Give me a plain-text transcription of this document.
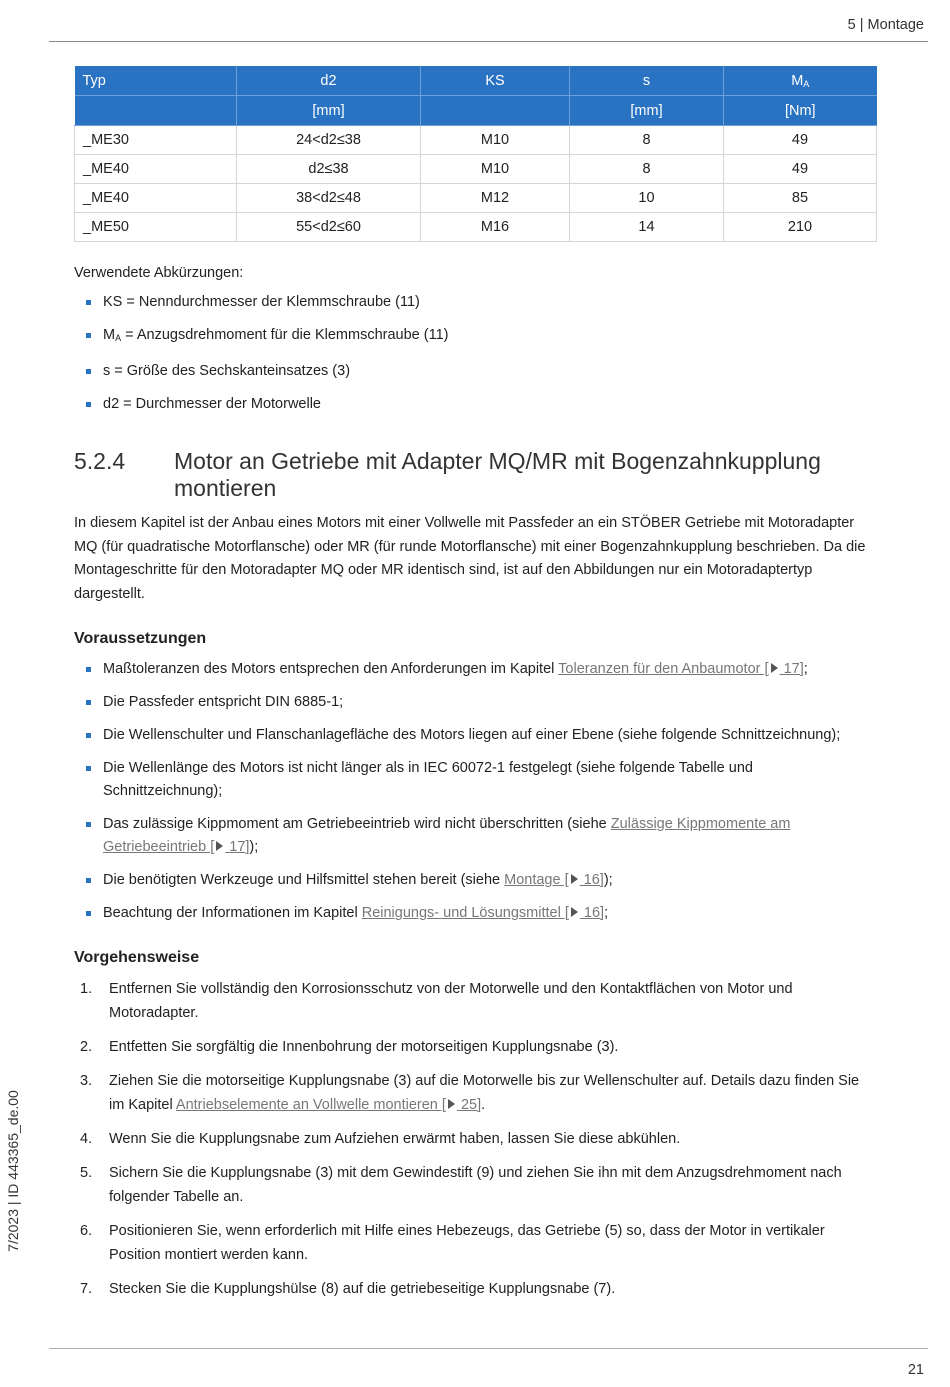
5 | Montage
7/2023 | ID 443365_de.00
Typ	d2	KS	s	$M_A$
	[mm]		[mm]	[Nm]
_ME30	24<d2≤38	M10	8	49
_ME40	d2≤38	M10	8	49
_ME40	38<d2≤48	M12	10	85
_ME50	55<d2≤60	M16	14	210
Verwendete Abkürzungen:
KS = Nenndurchmesser der Klemmschraube (11)
$M_A$ = Anzugsdrehmoment für die Klemmschraube (11)
s = Größe des Sechskanteinsatzes (3)
d2 = Durchmesser der Motorwelle
5.2.4	Motor an Getriebe mit Adapter MQ/MR mit Bogenzahnkupplung montieren

In diesem Kapitel ist der Anbau eines Motors mit einer Vollwelle mit Passfeder an ein STÖBER Getriebe mit Motoradapter MQ (für quadratische Motorflansche) oder MR (für runde Motorflansche) mit einer Bogenzahnkupplung beschrieben. Da die Montageschritte für den Motoradapter MQ oder MR identisch sind, ist auf den Abbildungen nur ein Motoradaptertyp dargestellt.

Voraussetzungen
Maßtoleranzen des Motors entsprechen den Anforderungen im Kapitel Toleranzen für den Anbaumotor [ 17];
Die Passfeder entspricht DIN 6885-1;
Die Wellenschulter und Flanschanlagefläche des Motors liegen auf einer Ebene (siehe folgende Schnittzeichnung);
Die Wellenlänge des Motors ist nicht länger als in IEC 60072-1 festgelegt (siehe folgende Tabelle und Schnittzeichnung);
Das zulässige Kippmoment am Getriebeeintrieb wird nicht überschritten (siehe Zulässige Kippmomente am Getriebeeintrieb [ 17]);
Die benötigten Werkzeuge und Hilfsmittel stehen bereit (siehe Montage [ 16]);
Beachtung der Informationen im Kapitel Reinigungs- und Lösungsmittel [ 16];
Vorgehensweise
1. Entfernen Sie vollständig den Korrosionsschutz von der Motorwelle und den Kontaktflächen von Motor und Motoradapter.
2. Entfetten Sie sorgfältig die Innenbohrung der motorseitigen Kupplungsnabe (3).
3. Ziehen Sie die motorseitige Kupplungsnabe (3) auf die Motorwelle bis zur Wellenschulter auf. Details dazu finden Sie im Kapitel Antriebselemente an Vollwelle montieren [ 25].
4. Wenn Sie die Kupplungsnabe zum Aufziehen erwärmt haben, lassen Sie diese abkühlen.
5. Sichern Sie die Kupplungsnabe (3) mit dem Gewindestift (9) und ziehen Sie ihn mit dem Anzugsdrehmoment nach folgender Tabelle an.
6. Positionieren Sie, wenn erforderlich mit Hilfe eines Hebezeugs, das Getriebe (5) so, dass der Motor in vertikaler Position montiert werden kann.
7. Stecken Sie die Kupplungshülse (8) auf die getriebeseitige Kupplungsnabe (7).
21
